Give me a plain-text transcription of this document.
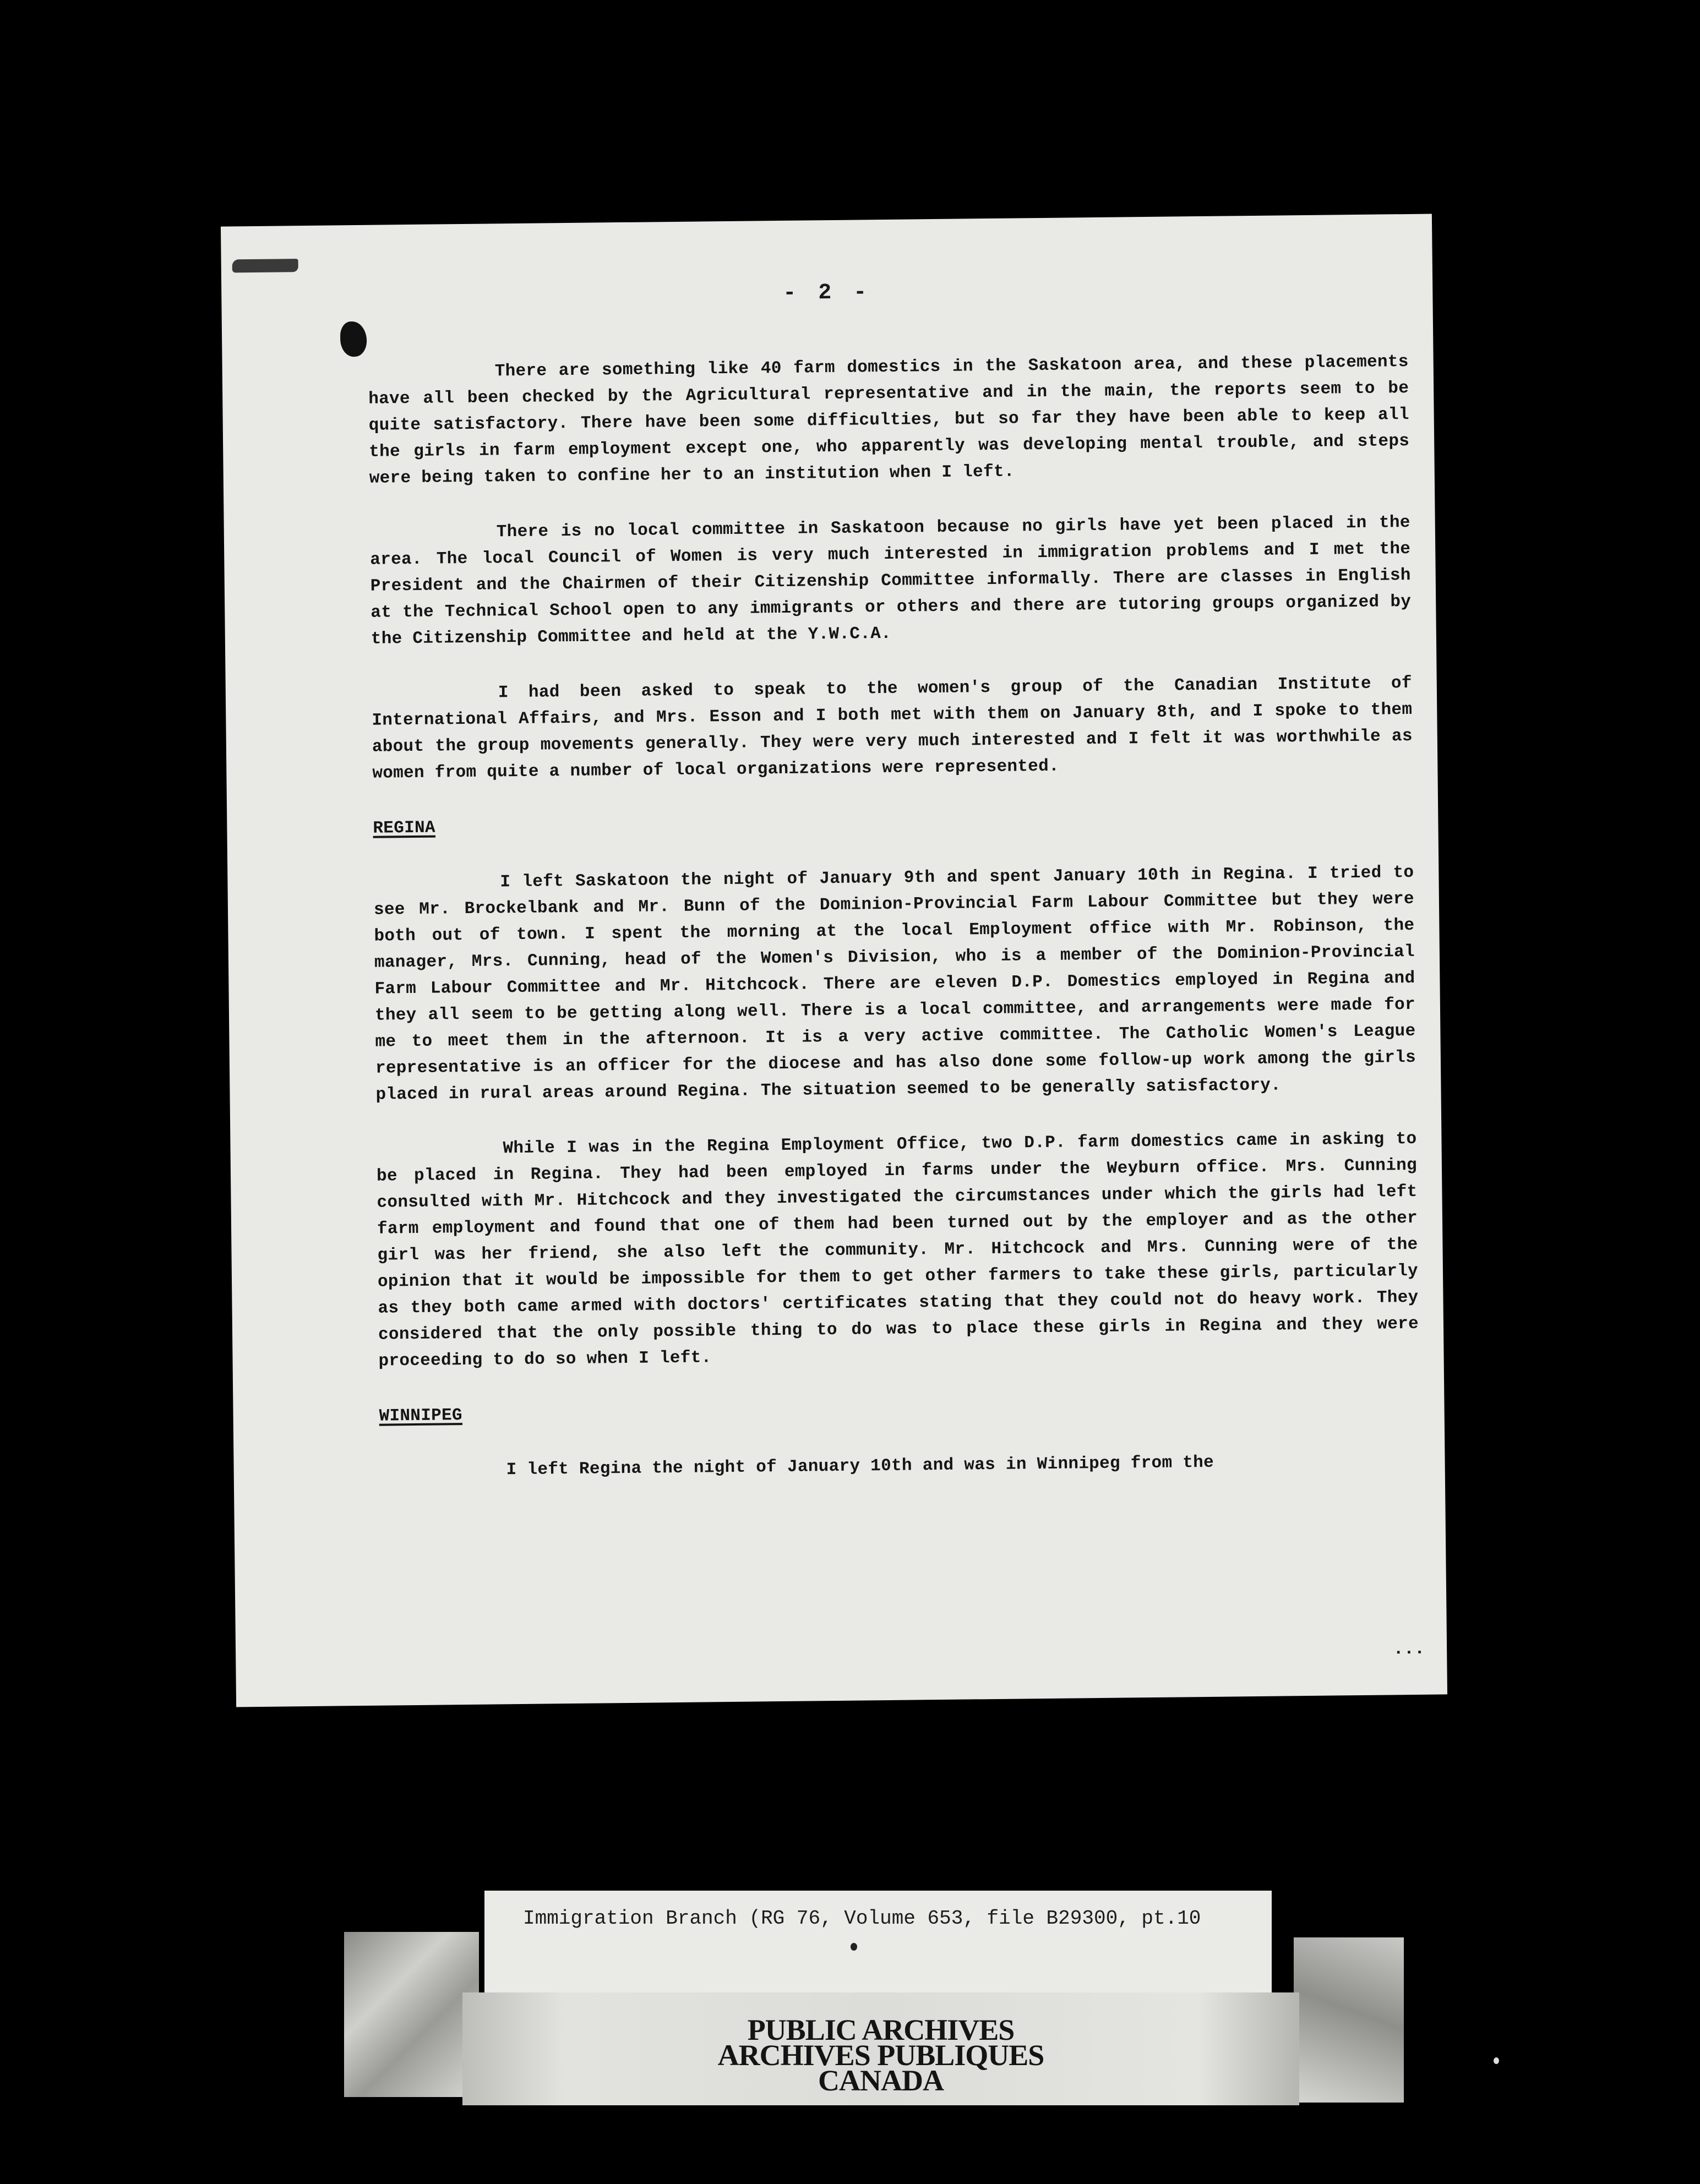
- 2 -

There are something like 40 farm domestics in the Saskatoon area, and these placements have all been checked by the Agricultural representative and in the main, the reports seem to be quite satisfactory. There have been some difficulties, but so far they have been able to keep all the girls in farm employment except one, who apparently was developing mental trouble, and steps were being taken to confine her to an institution when I left.

There is no local committee in Saskatoon because no girls have yet been placed in the area. The local Council of Women is very much interested in immigration problems and I met the President and the Chairmen of their Citizenship Committee informally. There are classes in English at the Technical School open to any immigrants or others and there are tutoring groups organized by the Citizenship Committee and held at the Y.W.C.A.

I had been asked to speak to the women's group of the Canadian Institute of International Affairs, and Mrs. Esson and I both met with them on January 8th, and I spoke to them about the group movements generally. They were very much interested and I felt it was worthwhile as women from quite a number of local organizations were represented.

REGINA

I left Saskatoon the night of January 9th and spent January 10th in Regina. I tried to see Mr. Brockelbank and Mr. Bunn of the Dominion-Provincial Farm Labour Committee but they were both out of town. I spent the morning at the local Employment office with Mr. Robinson, the manager, Mrs. Cunning, head of the Women's Division, who is a member of the Dominion-Provincial Farm Labour Committee and Mr. Hitchcock. There are eleven D.P. Domestics employed in Regina and they all seem to be getting along well. There is a local committee, and arrangements were made for me to meet them in the afternoon. It is a very active committee. The Catholic Women's League representative is an officer for the diocese and has also done some follow-up work among the girls placed in rural areas around Regina. The situation seemed to be generally satisfactory.

While I was in the Regina Employment Office, two D.P. farm domestics came in asking to be placed in Regina. They had been employed in farms under the Weyburn office. Mrs. Cunning consulted with Mr. Hitchcock and they investigated the circumstances under which the girls had left farm employment and found that one of them had been turned out by the employer and as the other girl was her friend, she also left the community. Mr. Hitchcock and Mrs. Cunning were of the opinion that it would be impossible for them to get other farmers to take these girls, particularly as they both came armed with doctors' certificates stating that they could not do heavy work. They considered that the only possible thing to do was to place these girls in Regina and they were proceeding to do so when I left.

WINNIPEG

I left Regina the night of January 10th and was in Winnipeg from the

...
Immigration Branch (RG 76, Volume 653, file B29300, pt.10
PUBLIC ARCHIVES
ARCHIVES PUBLIQUES
CANADA
